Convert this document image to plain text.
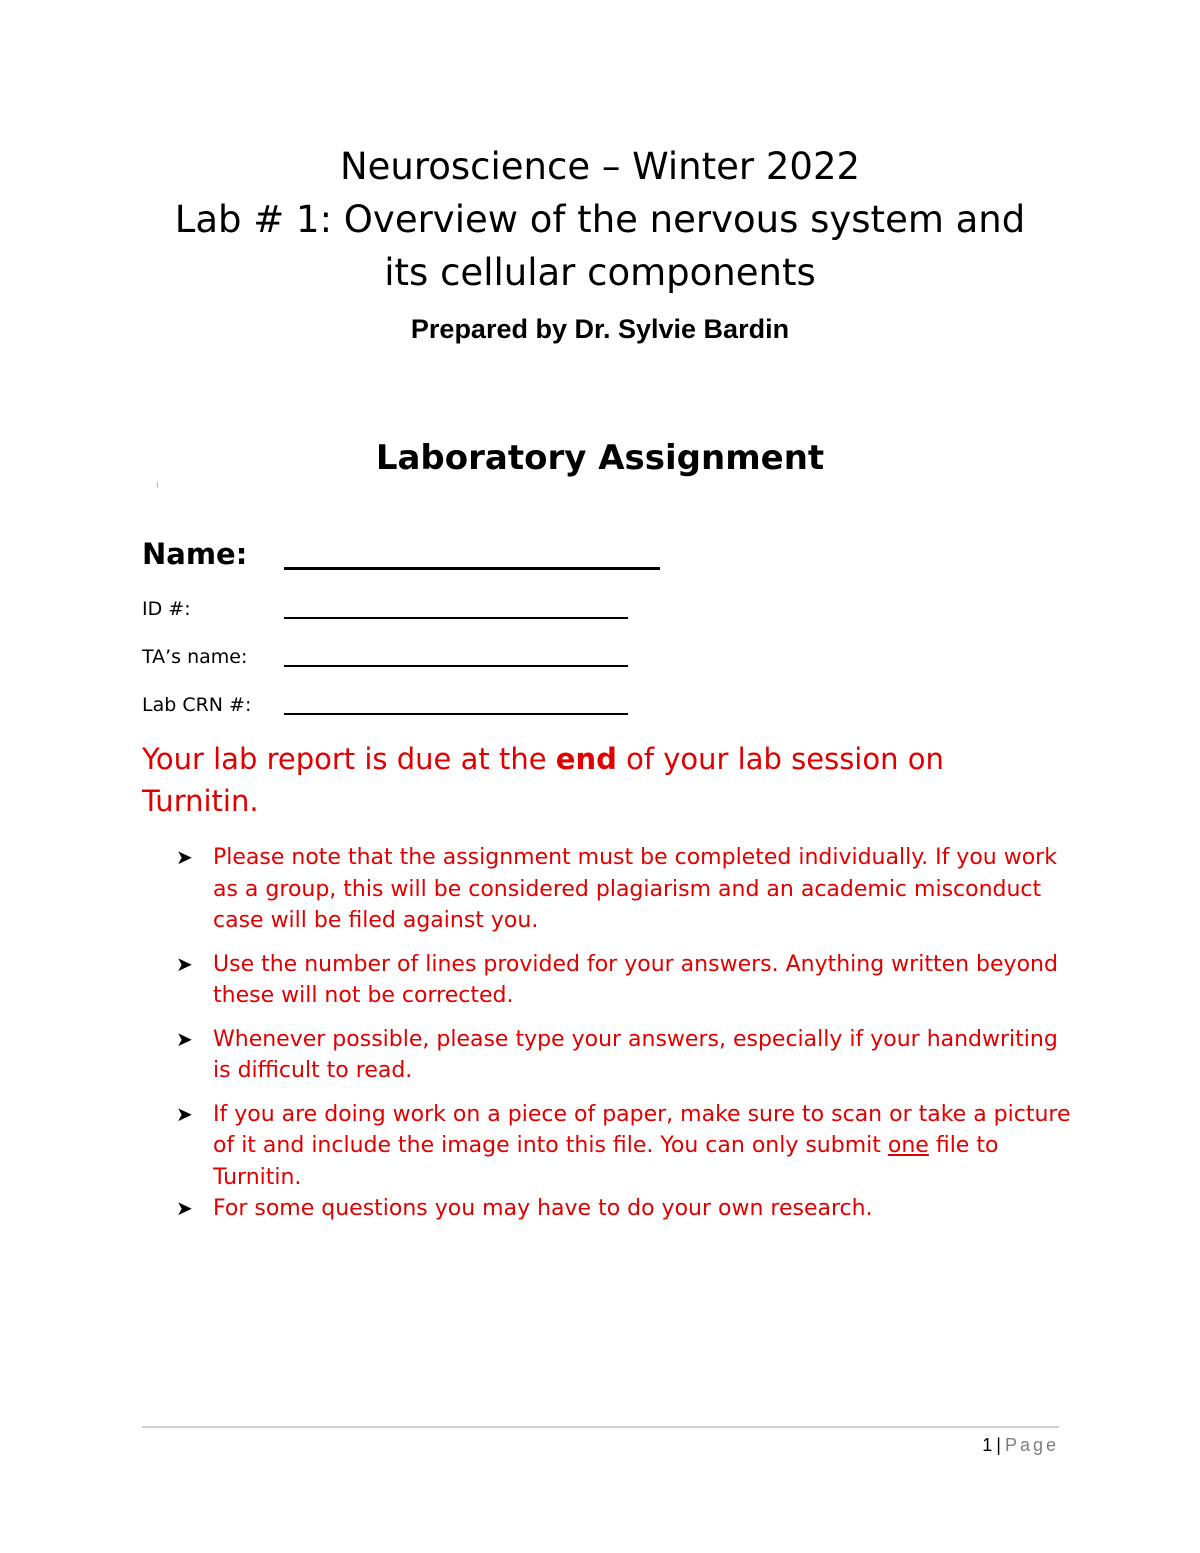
Neuroscience – Winter 2022

Lab # 1: Overview of the nervous system and

its cellular components

Prepared by Dr. Sylvie Bardin
Laboratory Assignment
Name:
ID #:
TA’s name:
Lab CRN #:

Your lab report is due at the end of your lab session on Turnitin.

➤ Please note that the assignment must be completed individually. If you work as a group, this will be considered plagiarism and an academic misconduct case will be filed against you.
➤ Use the number of lines provided for your answers. Anything written beyond these will not be corrected.
➤ Whenever possible, please type your answers, especially if your handwriting is difficult to read.
➤ If you are doing work on a piece of paper, make sure to scan or take a picture of it and include the image into this file. You can only submit one file to Turnitin.
➤ For some questions you may have to do your own research.
1 | Page
